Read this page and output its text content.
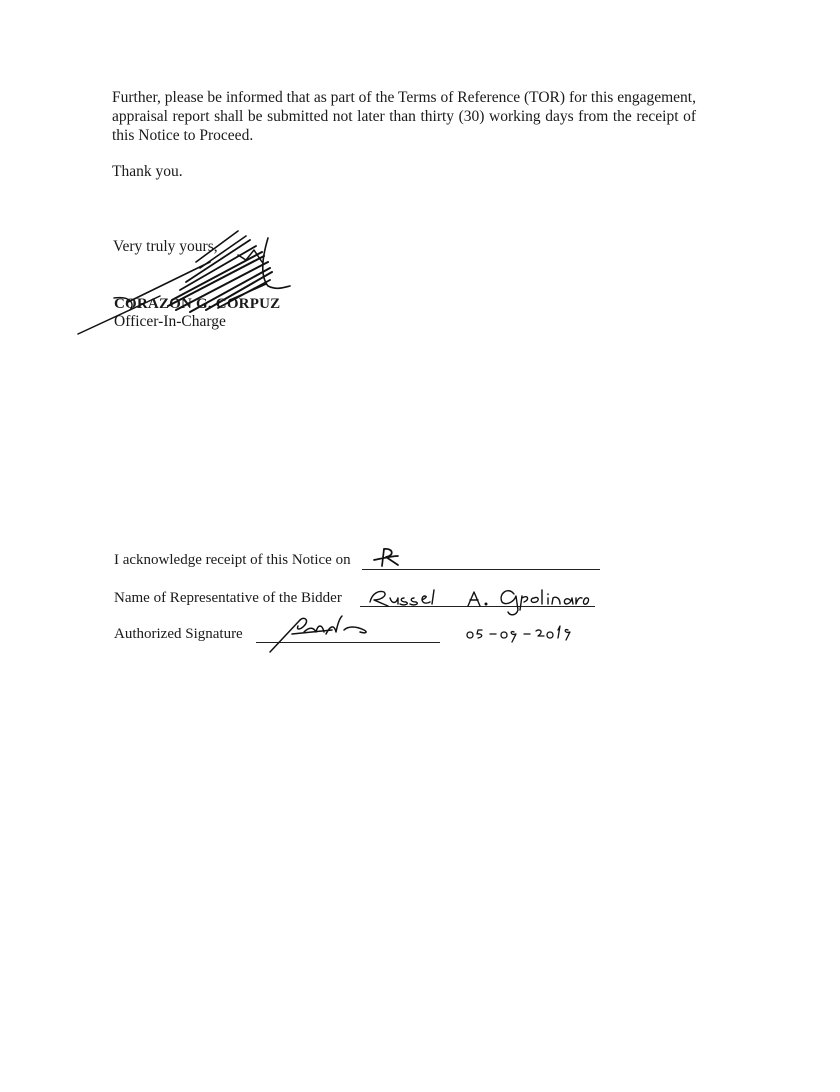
Further, please be informed that as part of the Terms of Reference (TOR) for this engagement, appraisal report shall be submitted not later than thirty (30) working days from the receipt of this Notice to Proceed.
Thank you.
Very truly yours,
CORAZON G. CORPUZ
Officer-In-Charge
I acknowledge receipt of this Notice on
Name of Representative of the Bidder
Authorized Signature
